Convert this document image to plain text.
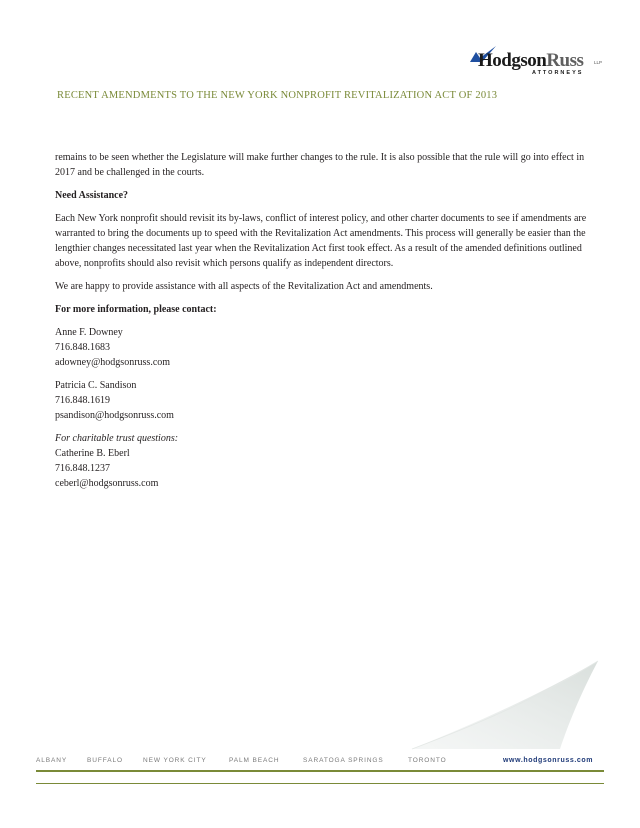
HodgsonRuss LLP
ATTORNEYS
RECENT AMENDMENTS TO THE NEW YORK NONPROFIT REVITALIZATION ACT OF 2013

remains to be seen whether the Legislature will make further changes to the rule. It is also possible that the rule will go into effect in 2017 and be challenged in the courts.

Need Assistance?

Each New York nonprofit should revisit its by-laws, conflict of interest policy, and other charter documents to see if amendments are warranted to bring the documents up to speed with the Revitalization Act amendments. This process will generally be easier than the lengthier changes necessitated last year when the Revitalization Act first took effect. As a result of the amended definitions outlined above, nonprofits should also revisit which persons qualify as independent directors.

We are happy to provide assistance with all aspects of the Revitalization Act and amendments.

For more information, please contact:

Anne F. Downey
716.848.1683
adowney@hodgsonruss.com
Patricia C. Sandison
716.848.1619
psandison@hodgsonruss.com
For charitable trust questions:
Catherine B. Eberl
716.848.1237
ceberl@hodgsonruss.com
ALBANY	BUFFALO	NEW YORK CITY	PALM BEACH	SARATOGA SPRINGS	TORONTO	www.hodgsonruss.com
